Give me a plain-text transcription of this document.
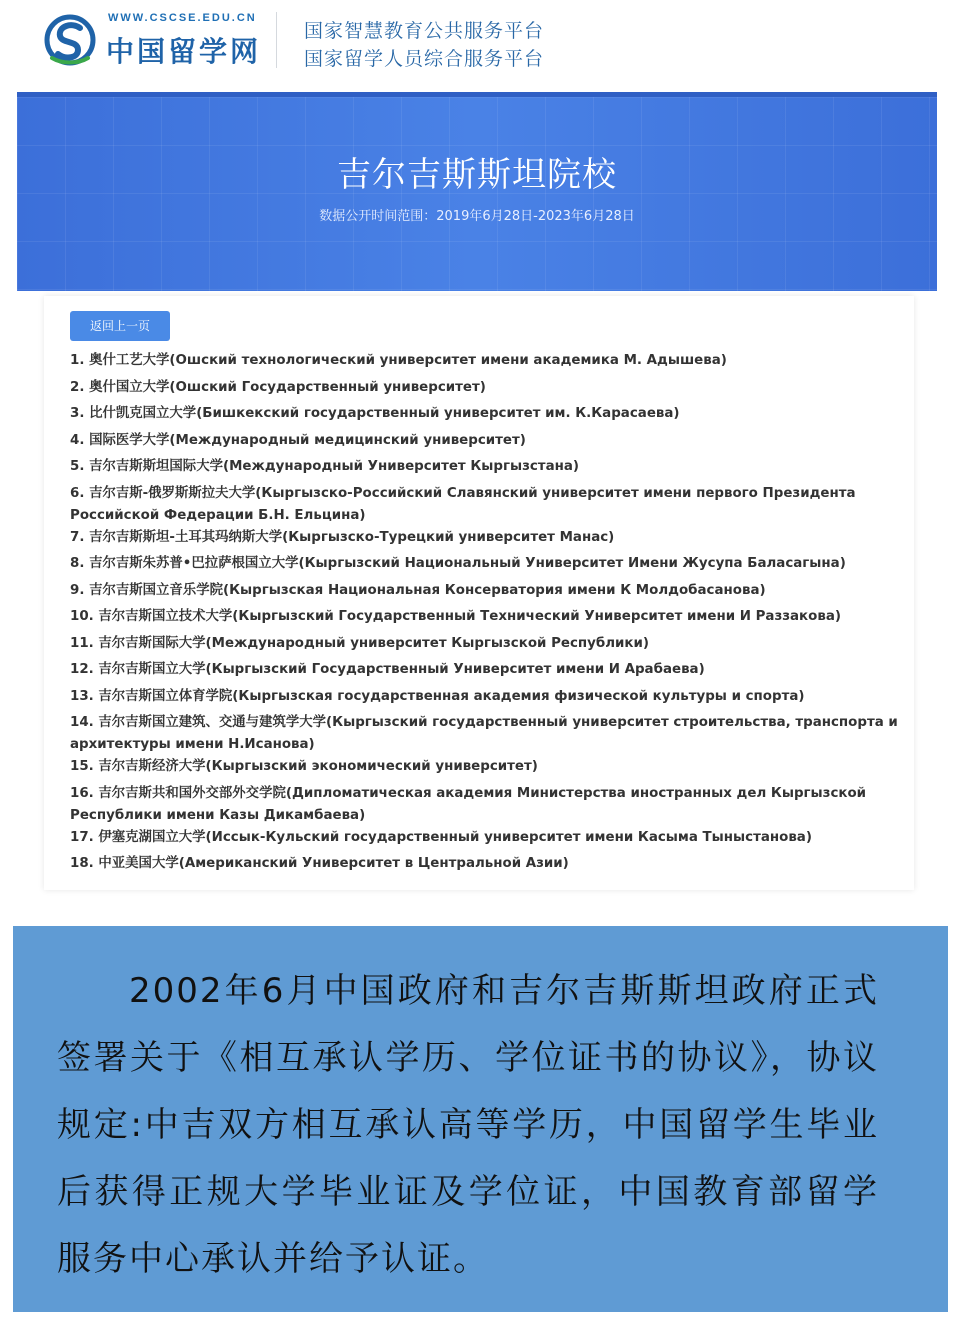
WWW.CSCSE.EDU.CN
中国留学网
国家智慧教育公共服务平台
国家留学人员综合服务平台
吉尔吉斯斯坦院校
数据公开时间范围：2019年6月28日-2023年6月28日
返回上一页
1. 奥什工艺大学(Ошский технологический университет имени академика М. Адышева)
2. 奥什国立大学(Ошский Государственный университет)
3. 比什凯克国立大学(Бишкекский государственный университет им. К.Карасаева)
4. 国际医学大学(Международный медицинский университет)
5. 吉尔吉斯斯坦国际大学(Международный Университет Кыргызстана)
6. 吉尔吉斯-俄罗斯斯拉夫大学(Кыргызско-Российский Славянский университет имени первого Президента Российской Федерации Б.Н. Ельцина)
7. 吉尔吉斯斯坦-土耳其玛纳斯大学(Кыргызско-Турецкий университет Манас)
8. 吉尔吉斯朱苏普•巴拉萨根国立大学(Кыргызский Национальный Университет Имени Жусупа Баласагына)
9. 吉尔吉斯国立音乐学院(Кыргызская Национальная Консерватория имени К Молдобасанова)
10. 吉尔吉斯国立技术大学(Кыргызский Государственный Технический Университет имени И Раззакова)
11. 吉尔吉斯国际大学(Международный университет Кыргызской Республики)
12. 吉尔吉斯国立大学(Кыргызский Государственный Университет имени И Арабаева)
13. 吉尔吉斯国立体育学院(Кыргызская государственная академия физической культуры и спорта)
14. 吉尔吉斯国立建筑、交通与建筑学大学(Кыргызский государственный университет строительства, транспорта и архитектуры имени Н.Исанова)
15. 吉尔吉斯经济大学(Кыргызский экономический университет)
16. 吉尔吉斯共和国外交部外交学院(Дипломатическая академия Министерства иностранных дел Кыргызской Республики имени Казы Дикамбаева)
17. 伊塞克湖国立大学(Иссык-Кульский государственный университет имени Касыма Тыныстанова)
18. 中亚美国大学(Американский Университет в Центральной Азии)

2002年6月中国政府和吉尔吉斯斯坦政府正式签署关于《相互承认学历、学位证书的协议》，协议规定:中吉双方相互承认高等学历，中国留学生毕业后获得正规大学毕业证及学位证，中国教育部留学服务中心承认并给予认证。
